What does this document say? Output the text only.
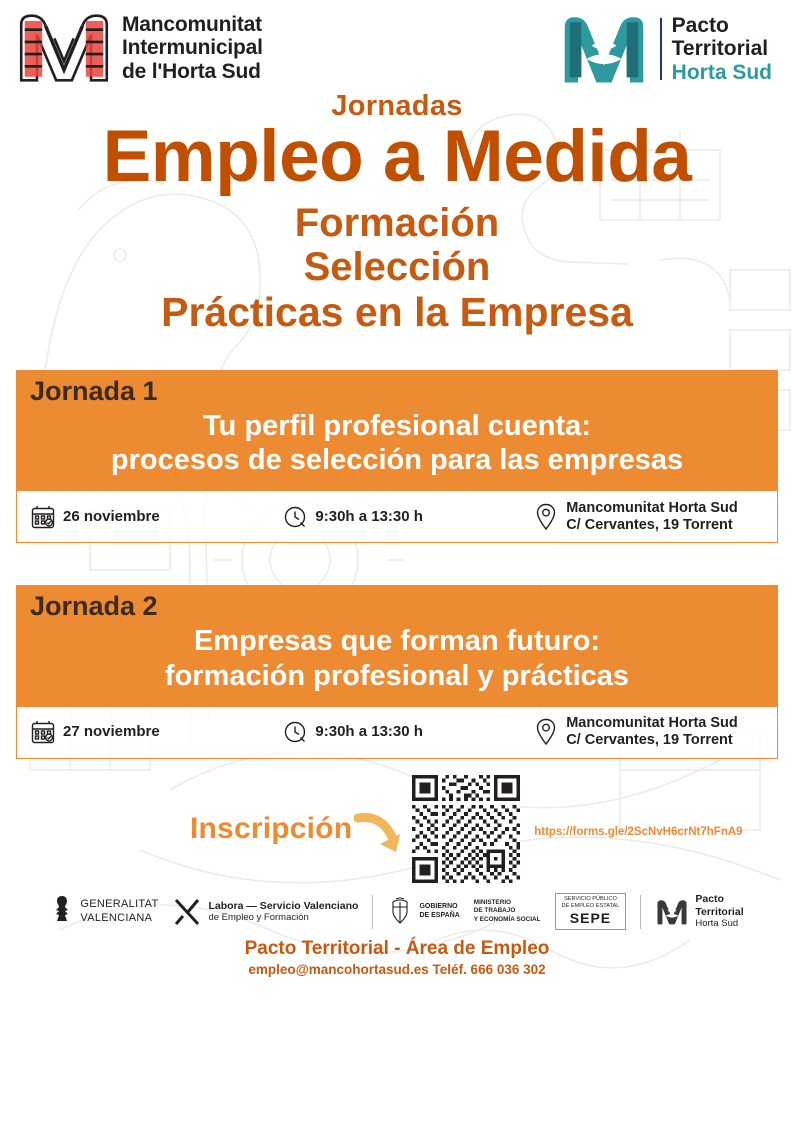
Mancomunitat
Intermunicipal
de l'Horta Sud
Pacto
Territorial
Horta Sud
Jornadas
Empleo a Medida
Formación
Selección
Prácticas en la Empresa
Jornada 1
Tu perfil profesional cuenta:
procesos de selección para las empresas
26 noviembre	9:30h a 13:30 h
Mancomunitat Horta Sud
C/ Cervantes, 19 Torrent
Jornada 2
Empresas que forman futuro:
formación profesional y prácticas
27 noviembre	9:30h a 13:30 h
Mancomunitat Horta Sud
C/ Cervantes, 19 Torrent
Inscripción	https://forms.gle/2ScNvH6crNt7hFnA9
GENERALITAT
VALENCIANA
Labora — Servicio Valenciano
de Empleo y Formación
GOBIERNO
DE ESPAÑA
MINISTERIO
DE TRABAJO
Y ECONOMÍA SOCIAL
SERVICIO PÚBLICO
DE EMPLEO ESTATAL
SEPE
Pacto
Territorial
Horta Sud
Pacto Territorial - Área de Empleo
empleo@mancohortasud.es Teléf. 666 036 302
